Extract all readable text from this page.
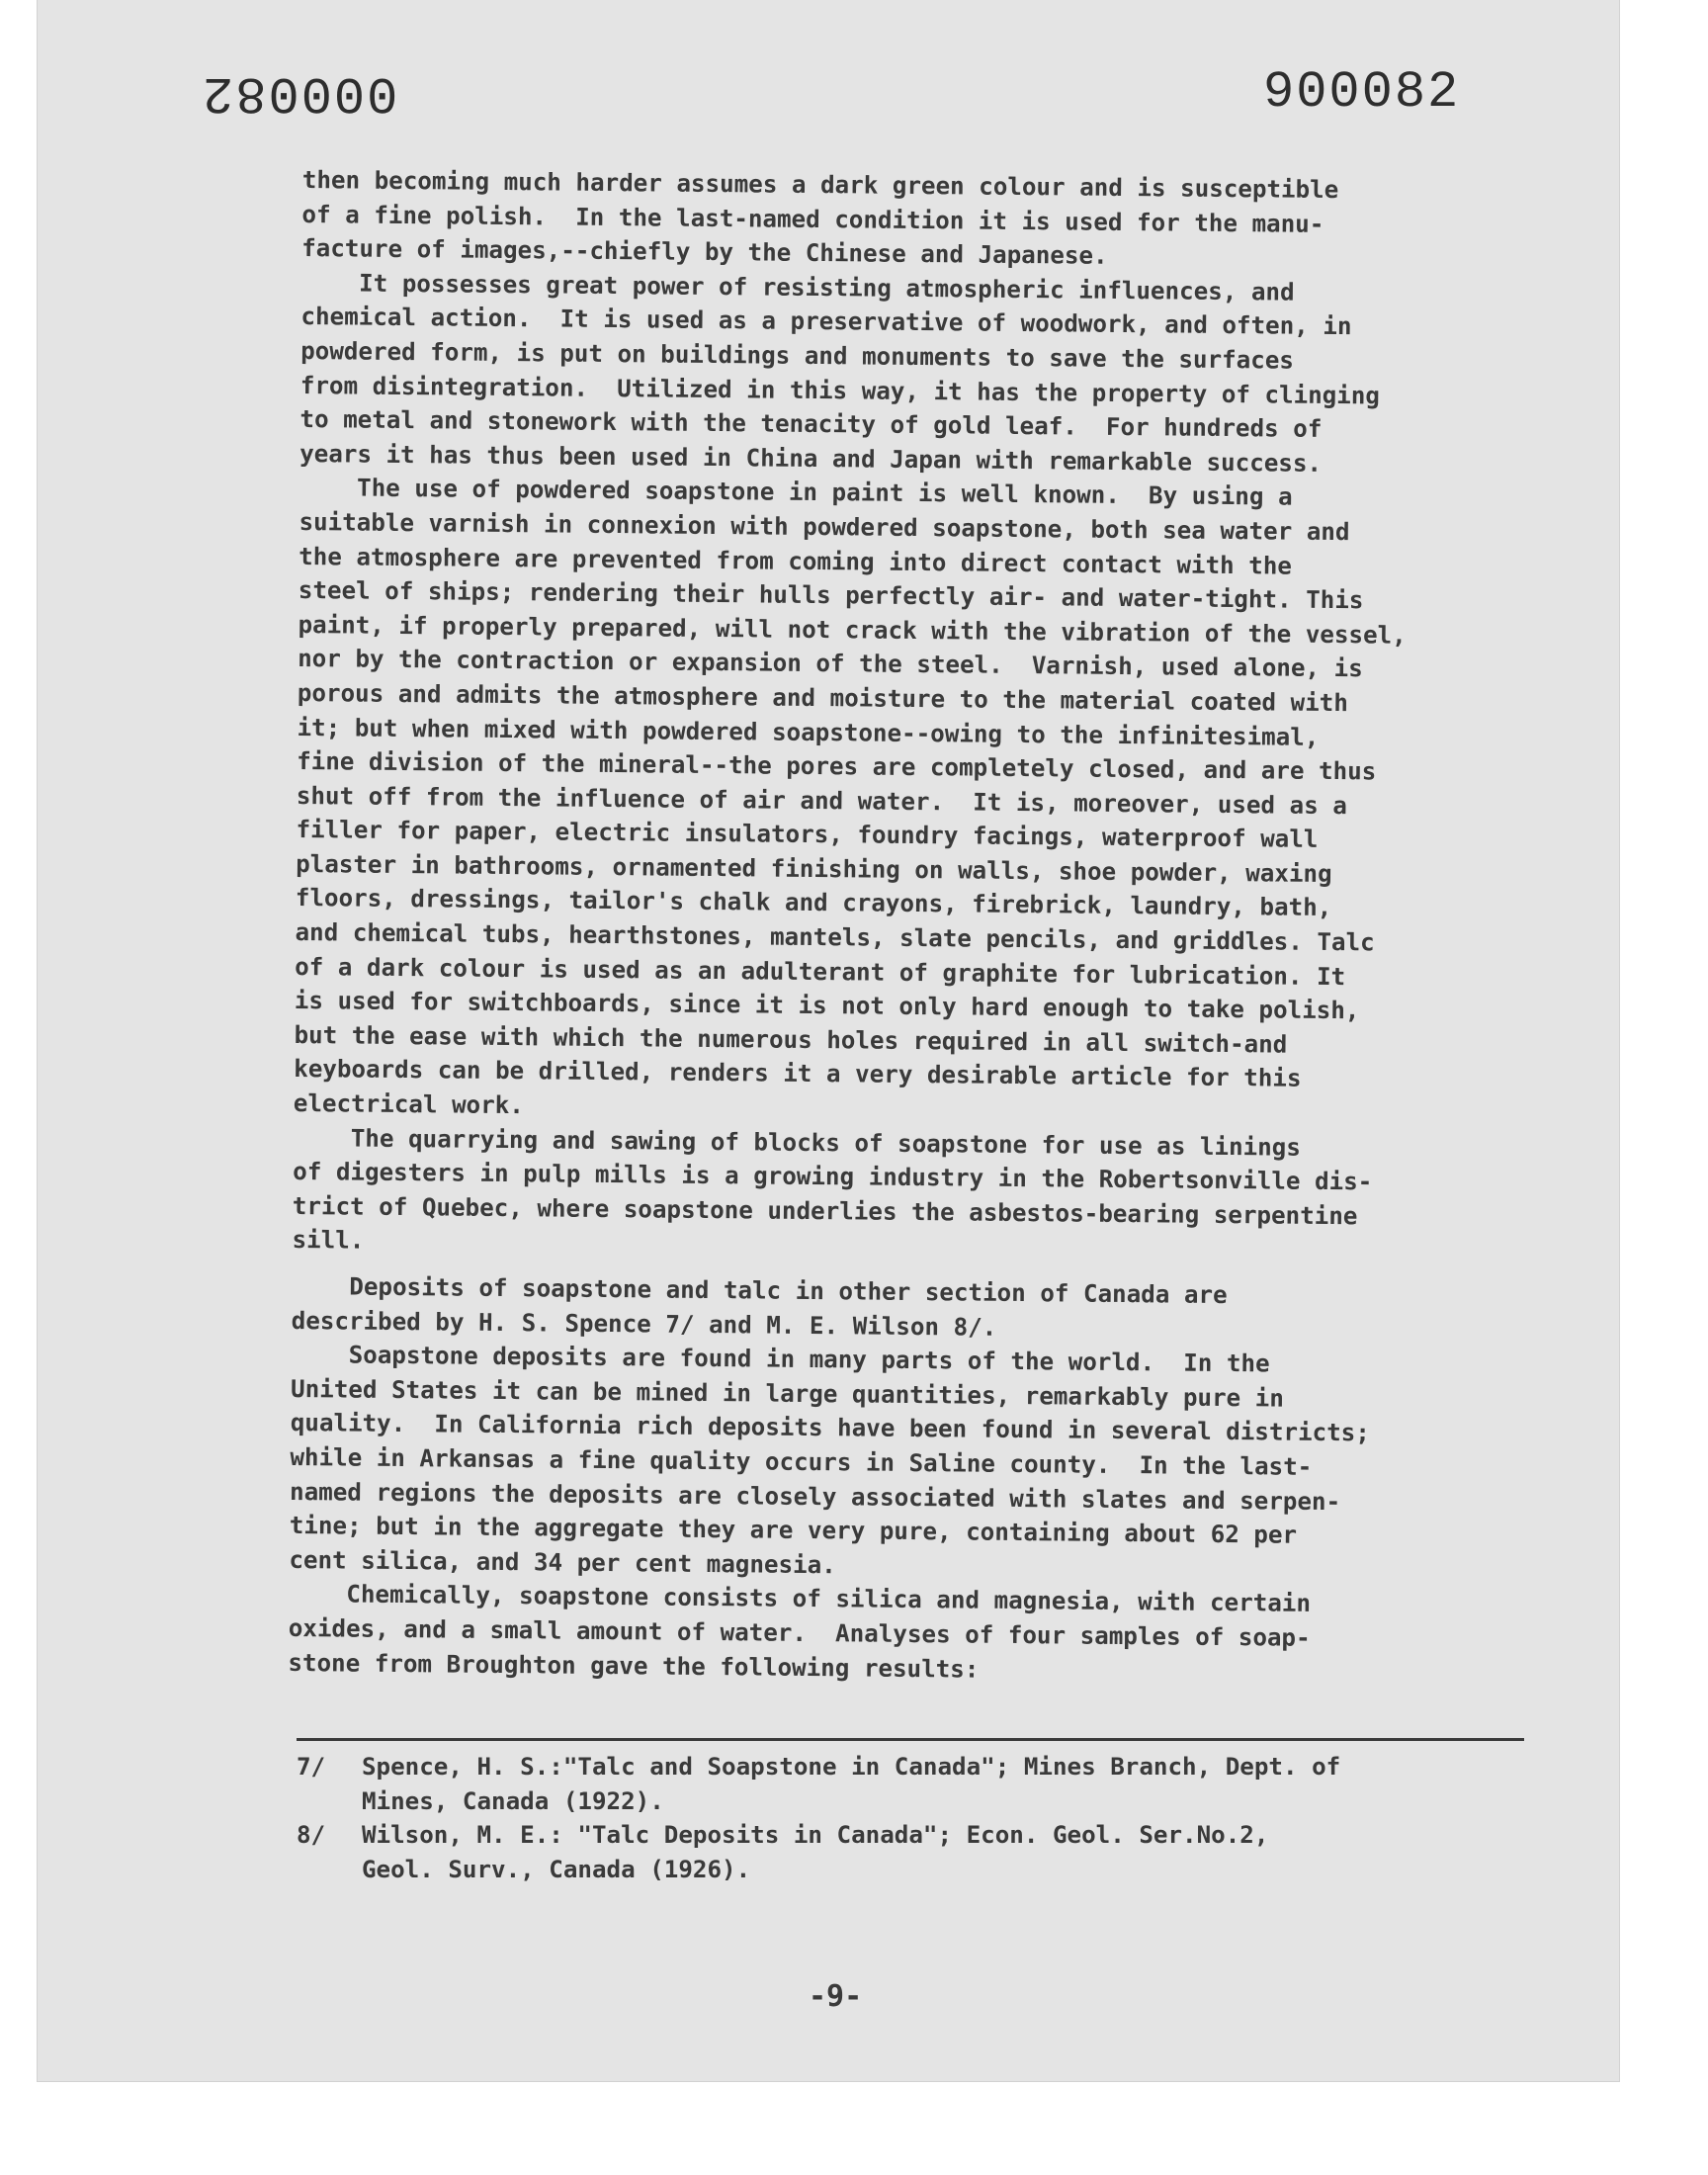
000082	900082
then becoming much harder assumes a dark green colour and is susceptible
of a fine polish.  In the last-named condition it is used for the manu-
facture of images,--chiefly by the Chinese and Japanese.
It possesses great power of resisting atmospheric influences, and
chemical action.  It is used as a preservative of woodwork, and often, in
powdered form, is put on buildings and monuments to save the surfaces
from disintegration.  Utilized in this way, it has the property of clinging
to metal and stonework with the tenacity of gold leaf.  For hundreds of
years it has thus been used in China and Japan with remarkable success.
The use of powdered soapstone in paint is well known.  By using a
suitable varnish in connexion with powdered soapstone, both sea water and
the atmosphere are prevented from coming into direct contact with the
steel of ships; rendering their hulls perfectly air- and water-tight. This
paint, if properly prepared, will not crack with the vibration of the vessel,
nor by the contraction or expansion of the steel.  Varnish, used alone, is
porous and admits the atmosphere and moisture to the material coated with
it; but when mixed with powdered soapstone--owing to the infinitesimal,
fine division of the mineral--the pores are completely closed, and are thus
shut off from the influence of air and water.  It is, moreover, used as a
filler for paper, electric insulators, foundry facings, waterproof wall
plaster in bathrooms, ornamented finishing on walls, shoe powder, waxing
floors, dressings, tailor's chalk and crayons, firebrick, laundry, bath,
and chemical tubs, hearthstones, mantels, slate pencils, and griddles. Talc
of a dark colour is used as an adulterant of graphite for lubrication. It
is used for switchboards, since it is not only hard enough to take polish,
but the ease with which the numerous holes required in all switch-and
keyboards can be drilled, renders it a very desirable article for this
electrical work.
The quarrying and sawing of blocks of soapstone for use as linings
of digesters in pulp mills is a growing industry in the Robertsonville dis-
trict of Quebec, where soapstone underlies the asbestos-bearing serpentine
sill.
Deposits of soapstone and talc in other section of Canada are
described by H. S. Spence 7/ and M. E. Wilson 8/.
Soapstone deposits are found in many parts of the world.  In the
United States it can be mined in large quantities, remarkably pure in
quality.  In California rich deposits have been found in several districts;
while in Arkansas a fine quality occurs in Saline county.  In the last-
named regions the deposits are closely associated with slates and serpen-
tine; but in the aggregate they are very pure, containing about 62 per
cent silica, and 34 per cent magnesia.
Chemically, soapstone consists of silica and magnesia, with certain
oxides, and a small amount of water.  Analyses of four samples of soap-
stone from Broughton gave the following results:
7/	Spence, H. S.:"Talc and Soapstone in Canada"; Mines Branch, Dept. of
Mines, Canada (1922).
8/	Wilson, M. E.: "Talc Deposits in Canada"; Econ. Geol. Ser.No.2,
Geol. Surv., Canada (1926).
-9-
